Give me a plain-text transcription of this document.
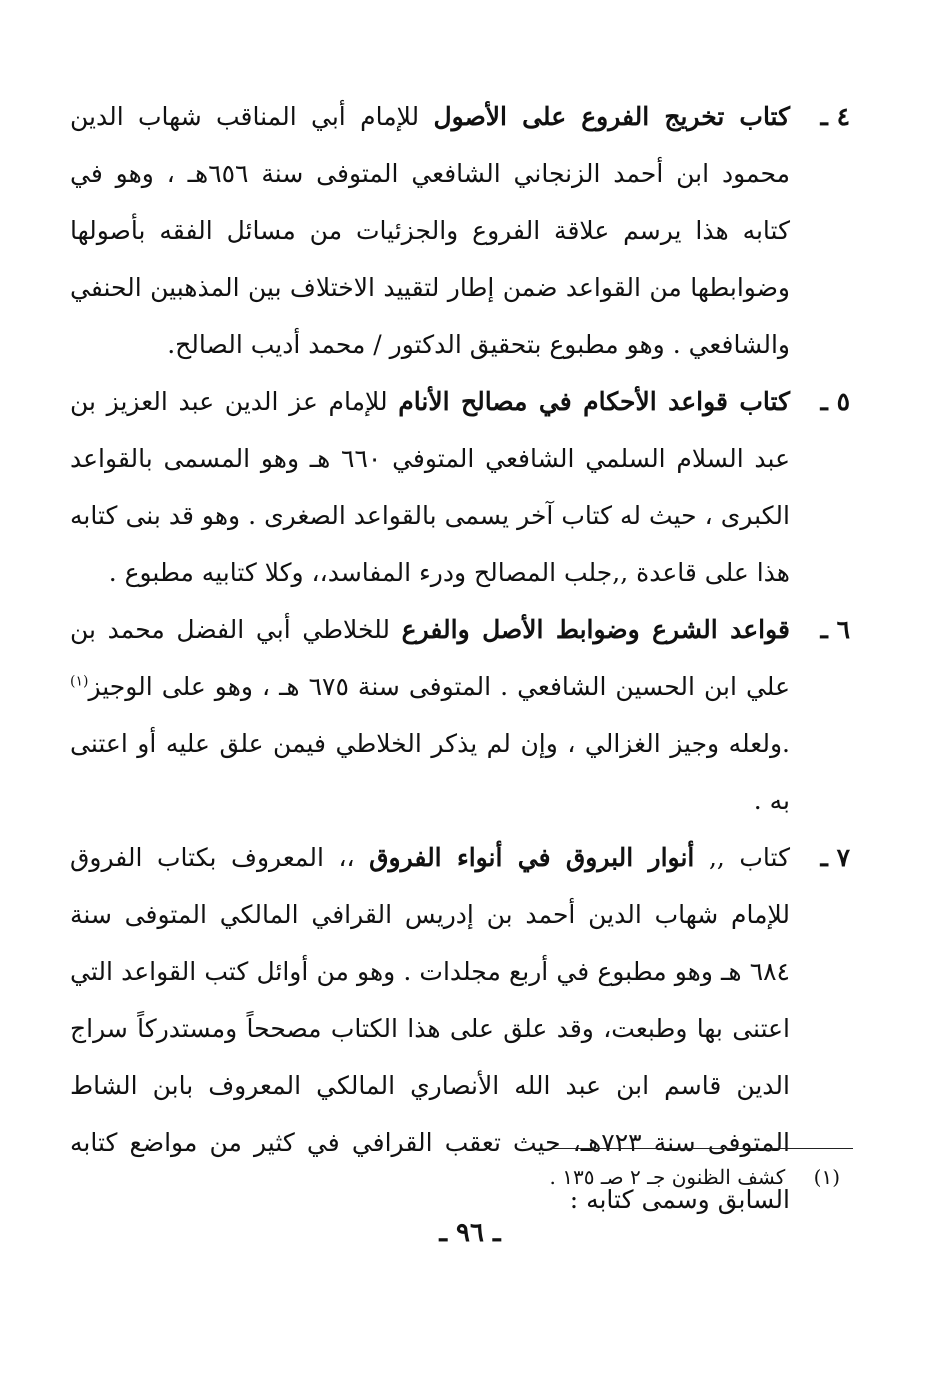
٤ ـ
كتاب تخريج الفروع على الأصول للإمام أبي المناقب شهاب الدين محمود ابن أحمد الزنجاني الشافعي المتوفى سنة ٦٥٦هـ ، وهو في كتابه هذا يرسم علاقة الفروع والجزئيات من مسائل الفقه بأصولها وضوابطها من القواعد ضمن إطار لتقييد الاختلاف بين المذهبين الحنفي والشافعي . وهو مطبوع بتحقيق الدكتور / محمد أديب الصالح.
٥ ـ
كتاب قواعد الأحكام في مصالح الأنام للإمام عز الدين عبد العزيز بن عبد السلام السلمي الشافعي المتوفي ٦٦٠ هـ وهو المسمى بالقواعد الكبرى ، حيث له كتاب آخر يسمى بالقواعد الصغرى . وهو قد بنى كتابه هذا على قاعدة ,,جلب المصالح ودرء المفاسد،، وكلا كتابيه مطبوع .
٦ ـ
قواعد الشرع وضوابط الأصل والفرع للخلاطي أبي الفضل محمد بن علي ابن الحسين الشافعي . المتوفى سنة ٦٧٥ هـ ، وهو على الوجيز$^{(١)}$ .ولعله وجيز الغزالي ، وإن لم يذكر الخلاطي فيمن علق عليه أو اعتنى به .
٧ ـ
كتاب ,, أنوار البروق في أنواء الفروق ،، المعروف بكتاب الفروق للإمام شهاب الدين أحمد بن إدريس القرافي المالكي المتوفى سنة ٦٨٤ هـ وهو مطبوع في أربع مجلدات . وهو من أوائل كتب القواعد التي اعتنى بها وطبعت، وقد علق على هذا الكتاب مصححاً ومستدركاً سراج الدين قاسم ابن عبد الله الأنصاري المالكي المعروف بابن الشاط المتوفى سنة ٧٢٣هـ، حيث تعقب القرافي في كثير من مواضع كتابه السابق وسمى كتابه :
(١) كشف الظنون جـ ٢ صـ ١٣٥ .
ـ ٩٦ ـ
